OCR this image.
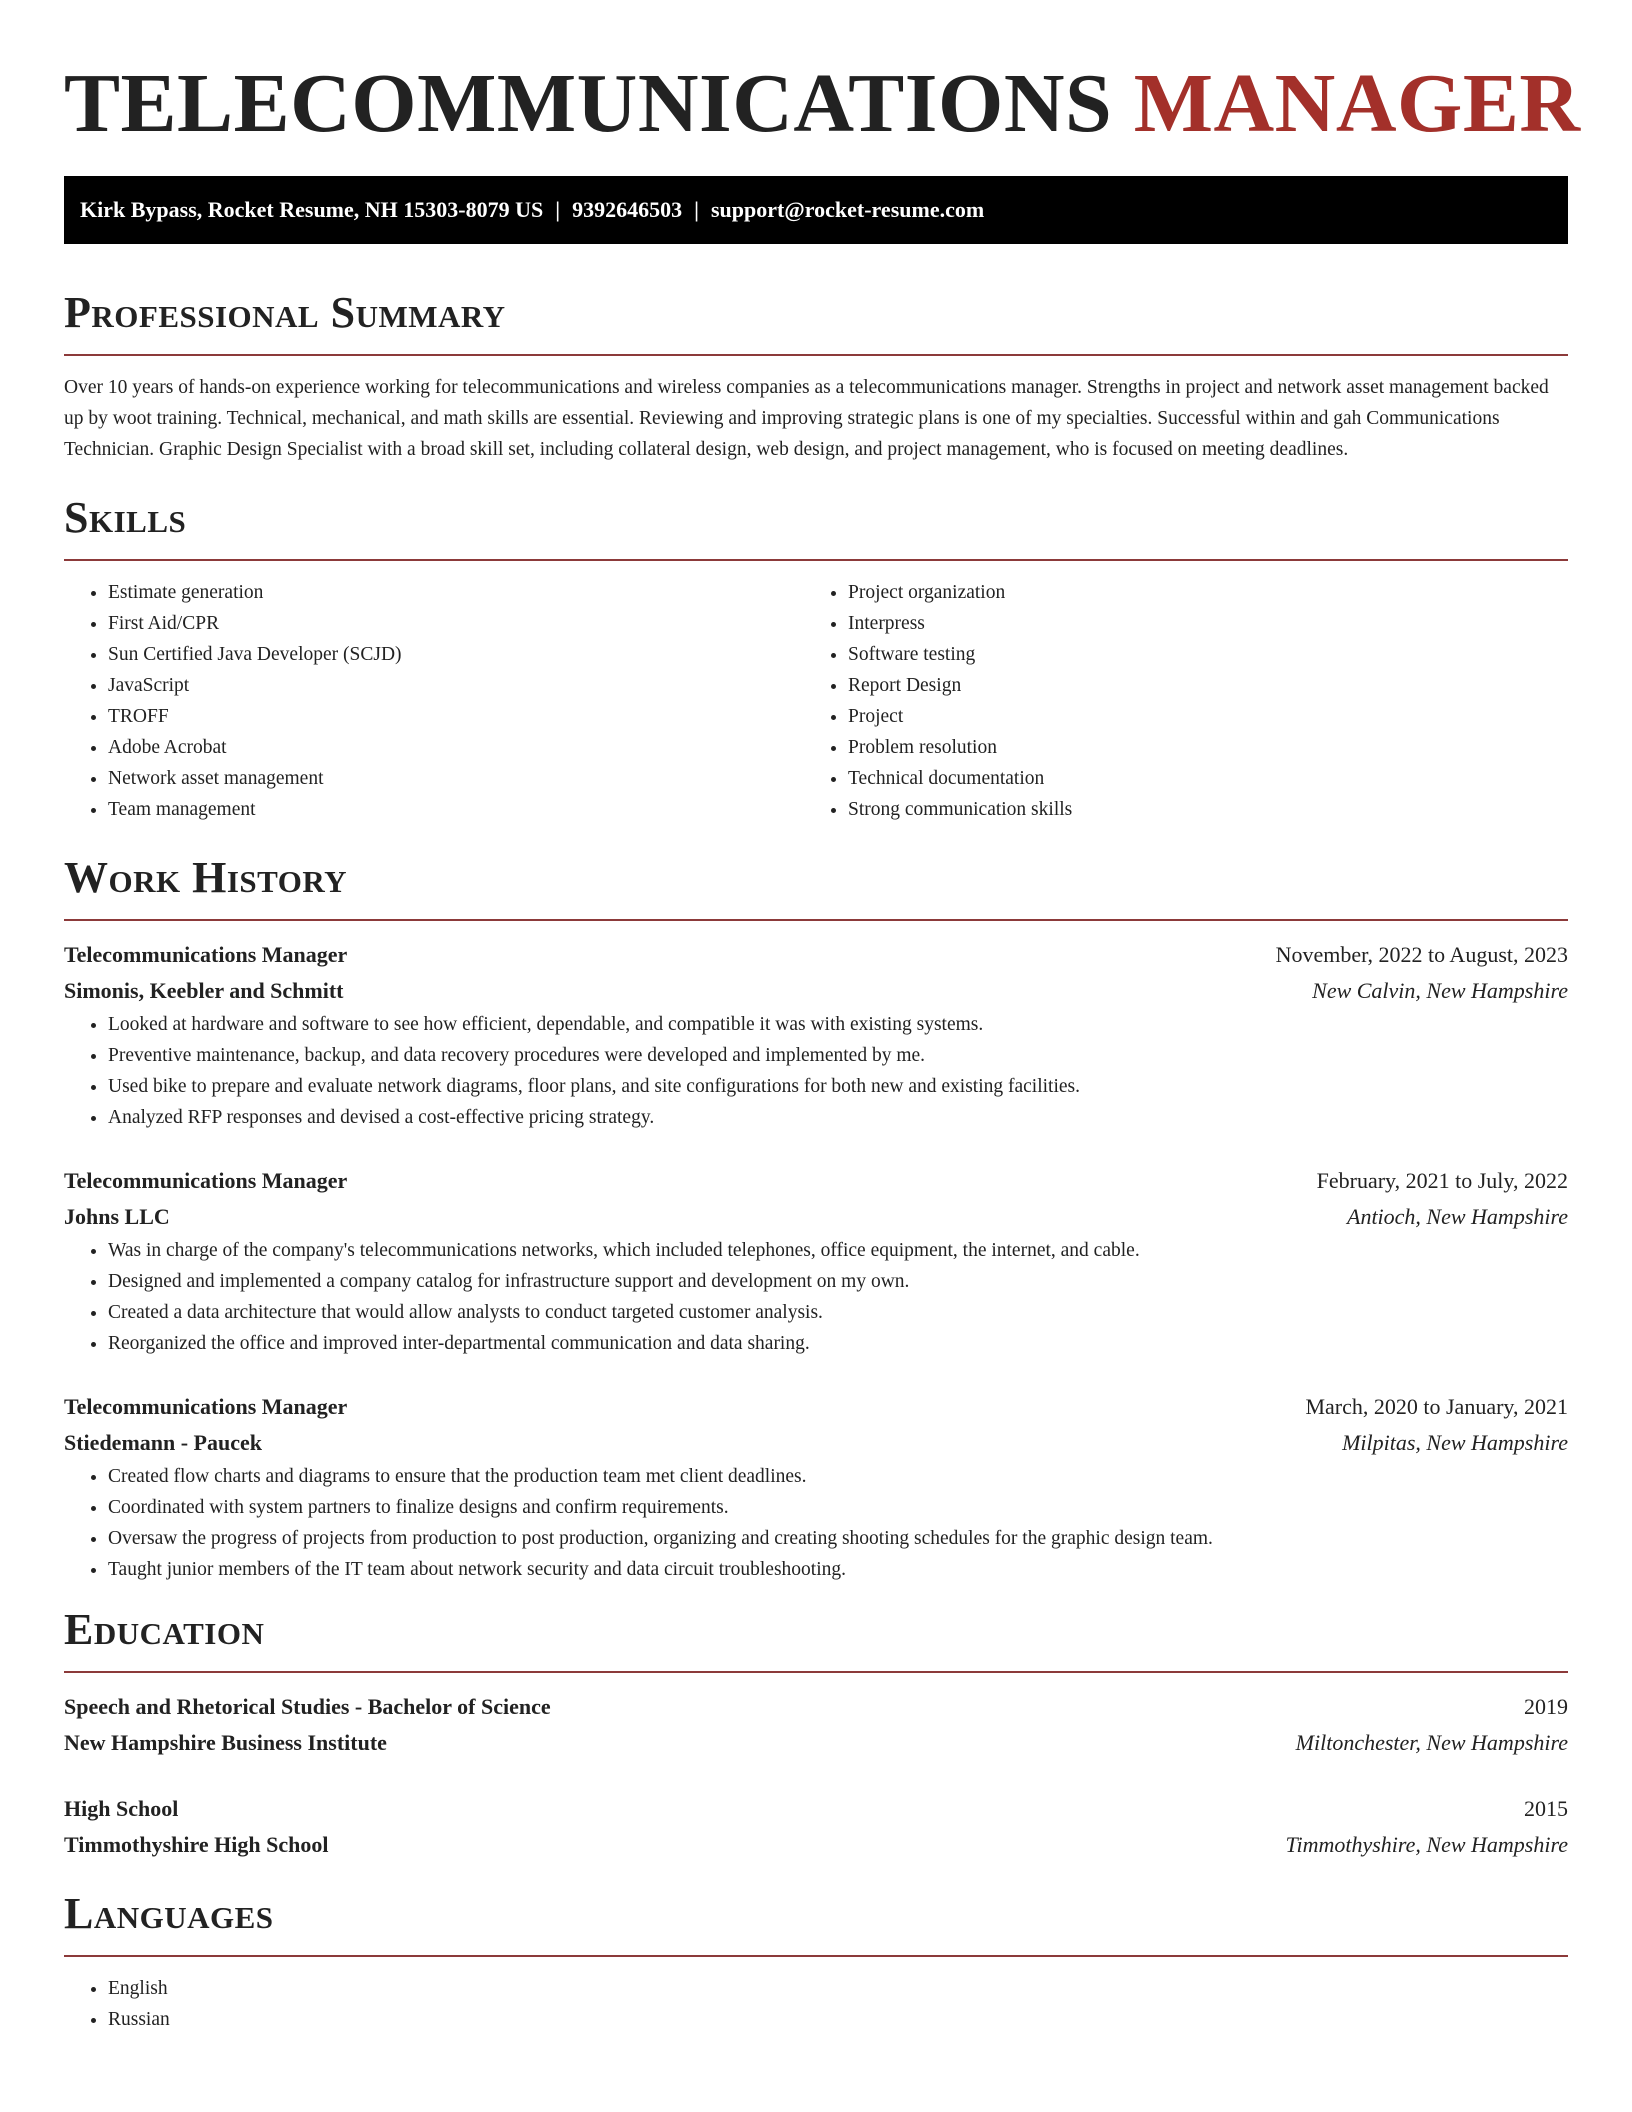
TELECOMMUNICATIONS MANAGER
Kirk Bypass, Rocket Resume, NH 15303-8079 US | 9392646503 | support@rocket-resume.com
Professional Summary
Over 10 years of hands-on experience working for telecommunications and wireless companies as a telecommunications manager. Strengths in project and network asset management backed up by woot training. Technical, mechanical, and math skills are essential. Reviewing and improving strategic plans is one of my specialties. Successful within and gah Communications Technician. Graphic Design Specialist with a broad skill set, including collateral design, web design, and project management, who is focused on meeting deadlines.
Skills
• Estimate generation
• First Aid/CPR
• Sun Certified Java Developer (SCJD)
• JavaScript
• TROFF
• Adobe Acrobat
• Network asset management
• Team management
• Project organization
• Interpress
• Software testing
• Report Design
• Project
• Problem resolution
• Technical documentation
• Strong communication skills
Work History
Telecommunications Manager	November, 2022 to August, 2023
Simonis, Keebler and Schmitt	New Calvin, New Hampshire
• Looked at hardware and software to see how efficient, dependable, and compatible it was with existing systems.
• Preventive maintenance, backup, and data recovery procedures were developed and implemented by me.
• Used bike to prepare and evaluate network diagrams, floor plans, and site configurations for both new and existing facilities.
• Analyzed RFP responses and devised a cost-effective pricing strategy.
Telecommunications Manager	February, 2021 to July, 2022
Johns LLC	Antioch, New Hampshire
• Was in charge of the company's telecommunications networks, which included telephones, office equipment, the internet, and cable.
• Designed and implemented a company catalog for infrastructure support and development on my own.
• Created a data architecture that would allow analysts to conduct targeted customer analysis.
• Reorganized the office and improved inter-departmental communication and data sharing.
Telecommunications Manager	March, 2020 to January, 2021
Stiedemann - Paucek	Milpitas, New Hampshire
• Created flow charts and diagrams to ensure that the production team met client deadlines.
• Coordinated with system partners to finalize designs and confirm requirements.
• Oversaw the progress of projects from production to post production, organizing and creating shooting schedules for the graphic design team.
• Taught junior members of the IT team about network security and data circuit troubleshooting.
Education
Speech and Rhetorical Studies - Bachelor of Science	2019
New Hampshire Business Institute	Miltonchester, New Hampshire
High School	2015
Timmothyshire High School	Timmothyshire, New Hampshire
Languages
• English
• Russian
